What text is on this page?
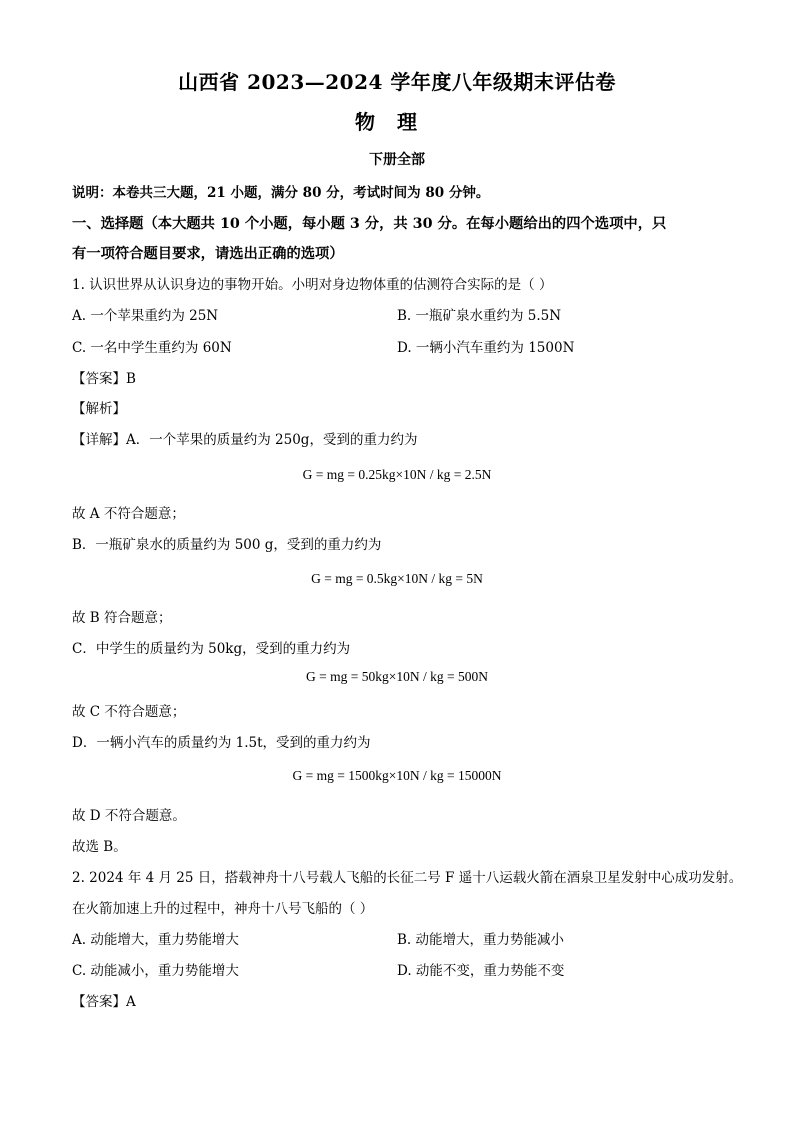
山西省 2023—2024 学年度八年级期末评估卷
物理
下册全部
说明：本卷共三大题，21 小题，满分 80 分，考试时间为 80 分钟。
一、选择题（本大题共 10 个小题，每小题 3 分，共 30 分。在每小题给出的四个选项中，只
有一项符合题目要求，请选出正确的选项）
1. 认识世界从认识身边的事物开始。小明对身边物体重的估测符合实际的是（ ）
A. 一个苹果重约为 25N	B. 一瓶矿泉水重约为 5.5N
C. 一名中学生重约为 60N	D. 一辆小汽车重约为 1500N
【答案】B
【解析】
【详解】A．一个苹果的质量约为 250g，受到的重力约为
G = mg = 0.25kg×10N / kg = 2.5N
故 A 不符合题意；
B．一瓶矿泉水的质量约为 500 g，受到的重力约为
G = mg = 0.5kg×10N / kg = 5N
故 B 符合题意；
C．中学生的质量约为 50kg，受到的重力约为
G = mg = 50kg×10N / kg = 500N
故 C 不符合题意；
D．一辆小汽车的质量约为 1.5t，受到的重力约为
G = mg = 1500kg×10N / kg = 15000N
故 D 不符合题意。
故选 B。
2. 2024 年 4 月 25 日，搭载神舟十八号载人飞船的长征二号 F 遥十八运载火箭在酒泉卫星发射中心成功发射。
在火箭加速上升的过程中，神舟十八号飞船的（ ）
A. 动能增大，重力势能增大	B. 动能增大，重力势能减小
C. 动能减小，重力势能增大	D. 动能不变，重力势能不变
【答案】A
